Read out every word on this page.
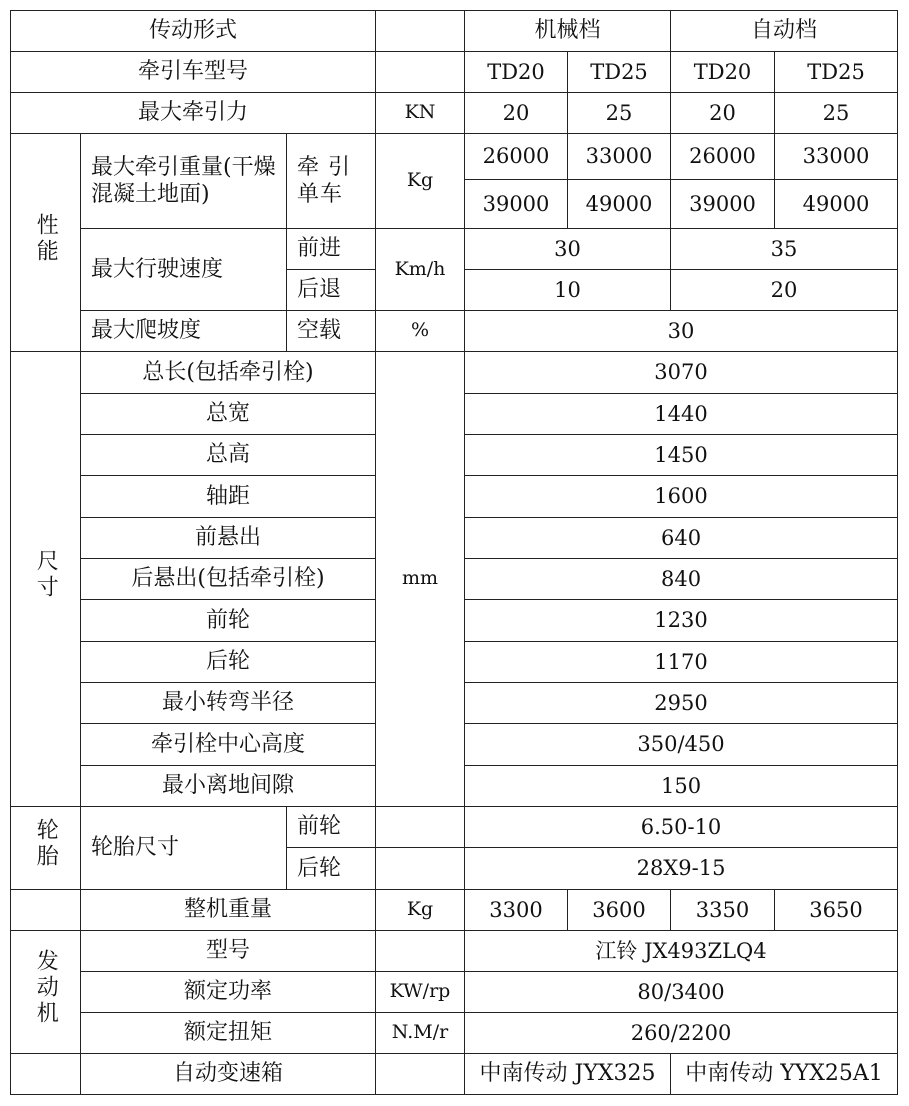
传动形式				机械档		自动档	
牵引车型号				TD20	TD25	TD20	TD25
最大牵引力			KN	20	25	20	25
性能	最大牵引重量(干燥混凝土地面)	牵 引 单车	Kg	26000	33000	26000	33000
				39000	49000	39000	49000
	最大行驶速度	前进	Km/h	30		35	
		后退		10		20	
	最大爬坡度	空载	%	30			
尺寸	总长(包括牵引栓)		mm	3070			
	总宽			1440			
	总高			1450			
	轴距			1600			
	前悬出			640			
	后悬出(包括牵引栓)			840			
	前轮			1230			
	后轮			1170			
	最小转弯半径			2950			
	牵引栓中心高度			350/450			
	最小离地间隙			150			
轮胎	轮胎尺寸	前轮		6.50-10			
		后轮		28X9-15			
	整机重量		Kg	3300	3600	3350	3650
发动机	型号			江铃 JX493ZLQ4			
	额定功率		KW/rp	80/3400			
	额定扭矩		N.M/r	260/2200			
	自动变速箱			中南传动 JYX325		中南传动 YYX25A1	
